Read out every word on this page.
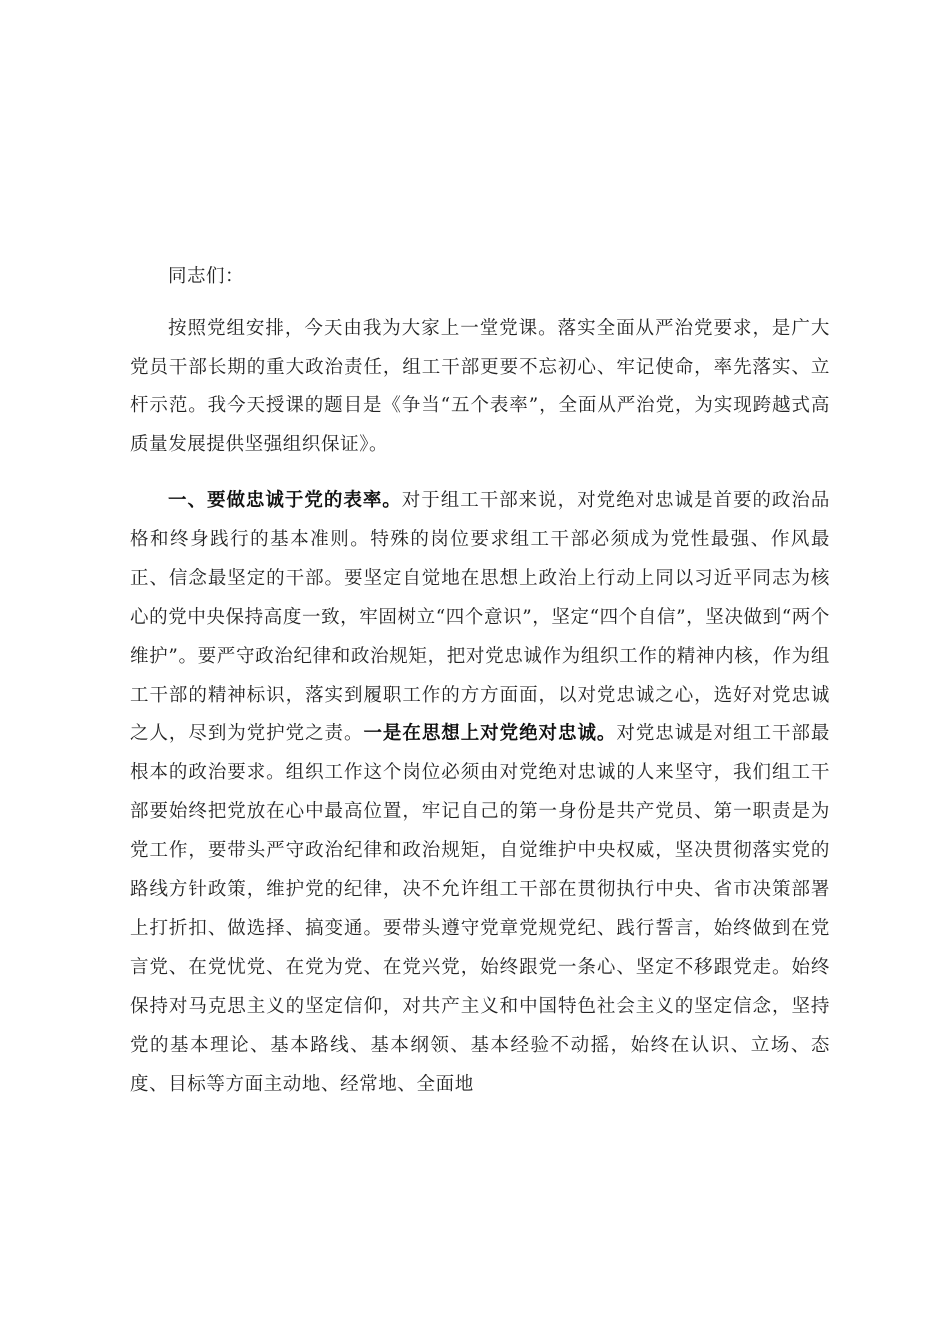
同志们：

按照党组安排，今天由我为大家上一堂党课。落实全面从严治党要求，是广大党员干部长期的重大政治责任，组工干部更要不忘初心、牢记使命，率先落实、立杆示范。我今天授课的题目是《争当“五个表率”，全面从严治党，为实现跨越式高质量发展提供坚强组织保证》。

一、要做忠诚于党的表率。对于组工干部来说，对党绝对忠诚是首要的政治品格和终身践行的基本准则。特殊的岗位要求组工干部必须成为党性最强、作风最正、信念最坚定的干部。要坚定自觉地在思想上政治上行动上同以习近平同志为核心的党中央保持高度一致，牢固树立“四个意识”，坚定“四个自信”，坚决做到“两个维护”。要严守政治纪律和政治规矩，把对党忠诚作为组织工作的精神内核，作为组工干部的精神标识，落实到履职工作的方方面面，以对党忠诚之心，选好对党忠诚之人，尽到为党护党之责。一是在思想上对党绝对忠诚。对党忠诚是对组工干部最根本的政治要求。组织工作这个岗位必须由对党绝对忠诚的人来坚守，我们组工干部要始终把党放在心中最高位置，牢记自己的第一身份是共产党员、第一职责是为党工作，要带头严守政治纪律和政治规矩，自觉维护中央权威，坚决贯彻落实党的路线方针政策，维护党的纪律，决不允许组工干部在贯彻执行中央、省市决策部署上打折扣、做选择、搞变通。要带头遵守党章党规党纪、践行誓言，始终做到在党言党、在党忧党、在党为党、在党兴党，始终跟党一条心、坚定不移跟党走。始终保持对马克思主义的坚定信仰，对共产主义和中国特色社会主义的坚定信念，坚持党的基本理论、基本路线、基本纲领、基本经验不动摇，始终在认识、立场、态度、目标等方面主动地、经常地、全面地
